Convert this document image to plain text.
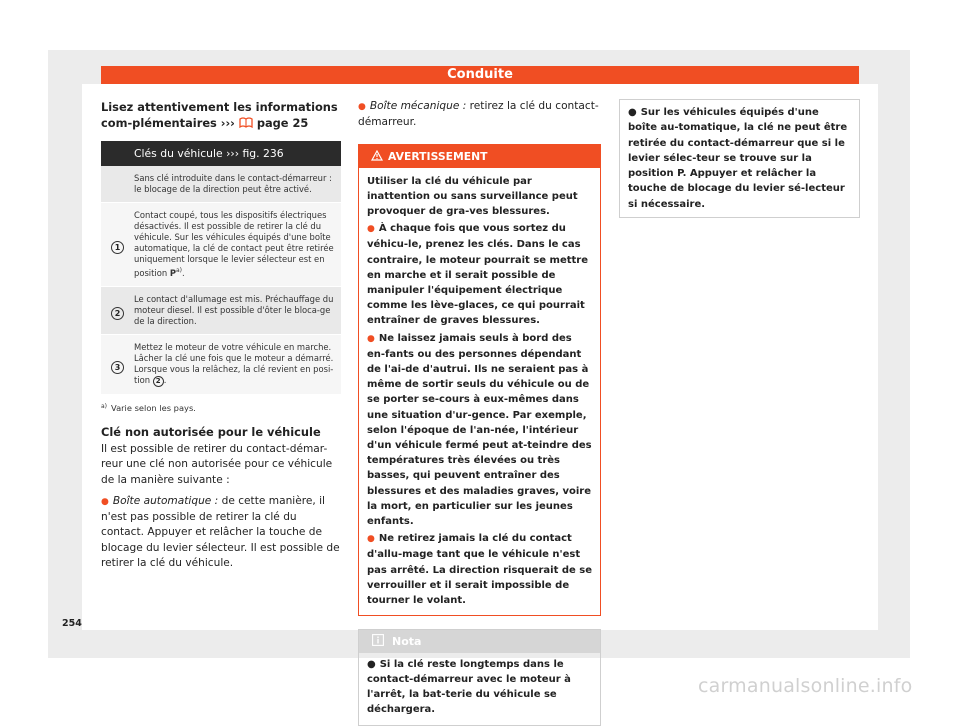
Conduite

Lisez attentivement les informations com-plémentaires ››› page 25

Clés du véhicule ››› fig. 236
Sans clé introduite dans le contact-démarreur : le blocage de la direction peut être activé.
1
Contact coupé, tous les dispositifs électriques désactivés. Il est possible de retirer la clé du véhicule. Sur les véhicules équipés d'une boîte automatique, la clé de contact peut être retirée uniquement lorsque le levier sélecteur est en position $P^{a)}$.
2
Le contact d'allumage est mis. Préchauffage du moteur diesel. Il est possible d'ôter le bloca-ge de la direction.
3
Mettez le moteur de votre véhicule en marche. Lâcher la clé une fois que le moteur a démarré. Lorsque vous la relâchez, la clé revient en posi-tion 2 .
$^{a)}$ Varie selon les pays.
Clé non autorisée pour le véhicule

Il est possible de retirer du contact-démar-reur une clé non autorisée pour ce véhicule de la manière suivante :

● Boîte automatique : de cette manière, il n'est pas possible de retirer la clé du contact. Appuyer et relâcher la touche de blocage du levier sélecteur. Il est possible de retirer la clé du véhicule.

● Boîte mécanique : retirez la clé du contact-démarreur.

AVERTISSEMENT

Utiliser la clé du véhicule par inattention ou sans surveillance peut provoquer de gra-ves blessures.

● À chaque fois que vous sortez du véhicu-le, prenez les clés. Dans le cas contraire, le moteur pourrait se mettre en marche et il serait possible de manipuler l'équipement électrique comme les lève-glaces, ce qui pourrait entraîner de graves blessures.

● Ne laissez jamais seuls à bord des en-fants ou des personnes dépendant de l'ai-de d'autrui. Ils ne seraient pas à même de sortir seuls du véhicule ou de se porter se-cours à eux-mêmes dans une situation d'ur-gence. Par exemple, selon l'époque de l'an-née, l'intérieur d'un véhicule fermé peut at-teindre des températures très élevées ou très basses, qui peuvent entraîner des blessures et des maladies graves, voire la mort, en particulier sur les jeunes enfants.

● Ne retirez jamais la clé du contact d'allu-mage tant que le véhicule n'est pas arrêté. La direction risquerait de se verrouiller et il serait impossible de tourner le volant.

Nota
● Si la clé reste longtemps dans le contact-démarreur avec le moteur à l'arrêt, la bat-terie du véhicule se déchargera.
● Sur les véhicules équipés d'une boîte au-tomatique, la clé ne peut être retirée du contact-démarreur que si le levier sélec-teur se trouve sur la position P. Appuyer et relâcher la touche de blocage du levier sé-lecteur si nécessaire.
254
carmanualsonline.info
